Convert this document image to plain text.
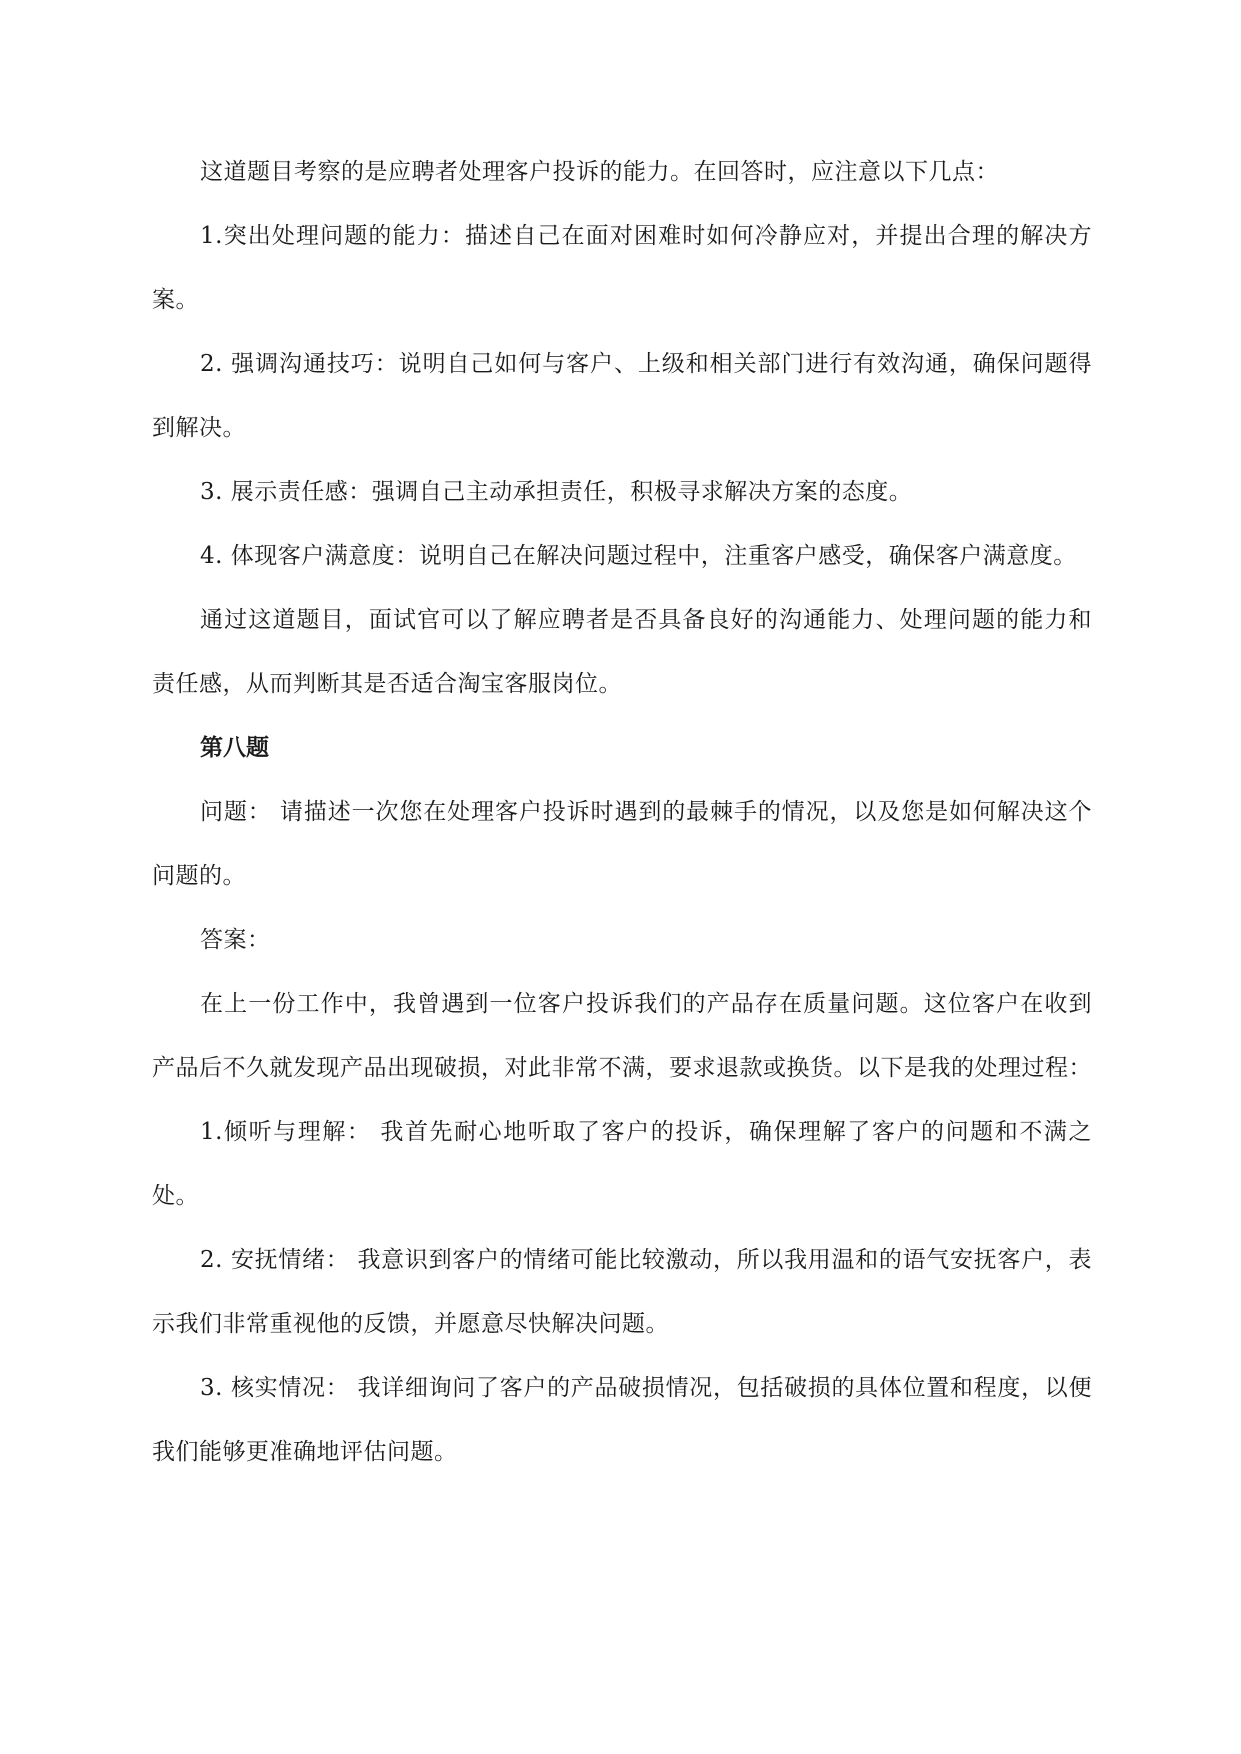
这道题目考察的是应聘者处理客户投诉的能力。在回答时，应注意以下几点：

1.突出处理问题的能力：描述自己在面对困难时如何冷静应对，并提出合理的解决方案。

2. 强调沟通技巧：说明自己如何与客户、上级和相关部门进行有效沟通，确保问题得到解决。

3. 展示责任感：强调自己主动承担责任，积极寻求解决方案的态度。

4. 体现客户满意度：说明自己在解决问题过程中，注重客户感受，确保客户满意度。

通过这道题目，面试官可以了解应聘者是否具备良好的沟通能力、处理问题的能力和责任感，从而判断其是否适合淘宝客服岗位。

第八题

问题： 请描述一次您在处理客户投诉时遇到的最棘手的情况，以及您是如何解决这个问题的。

答案：

在上一份工作中，我曾遇到一位客户投诉我们的产品存在质量问题。这位客户在收到产品后不久就发现产品出现破损，对此非常不满，要求退款或换货。以下是我的处理过程：

1.倾听与理解： 我首先耐心地听取了客户的投诉，确保理解了客户的问题和不满之处。

2. 安抚情绪： 我意识到客户的情绪可能比较激动，所以我用温和的语气安抚客户，表示我们非常重视他的反馈，并愿意尽快解决问题。

3. 核实情况： 我详细询问了客户的产品破损情况，包括破损的具体位置和程度，以便我们能够更准确地评估问题。
